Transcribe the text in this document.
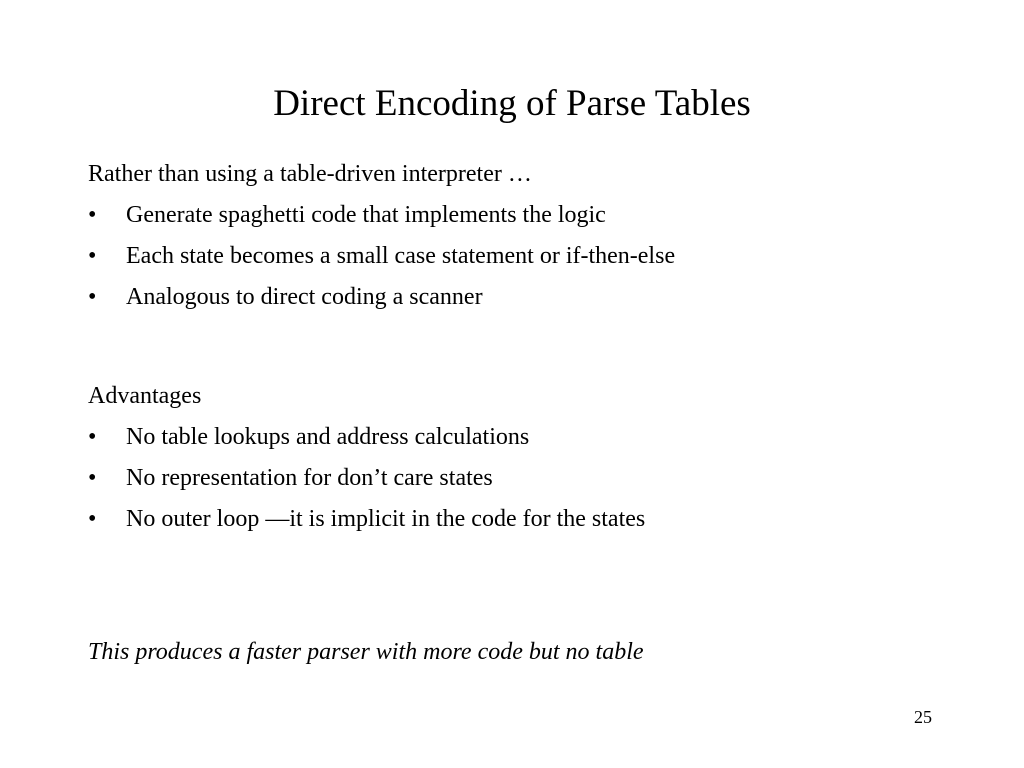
Direct Encoding of Parse Tables
Rather than using a table-driven interpreter …
• Generate spaghetti code that implements the logic
• Each state becomes a small case statement or if-then-else
• Analogous to direct coding a scanner
Advantages
• No table lookups and address calculations
• No representation for don’t care states
• No outer loop —it is implicit in the code for the states
This produces a faster parser with more code but no table
25
